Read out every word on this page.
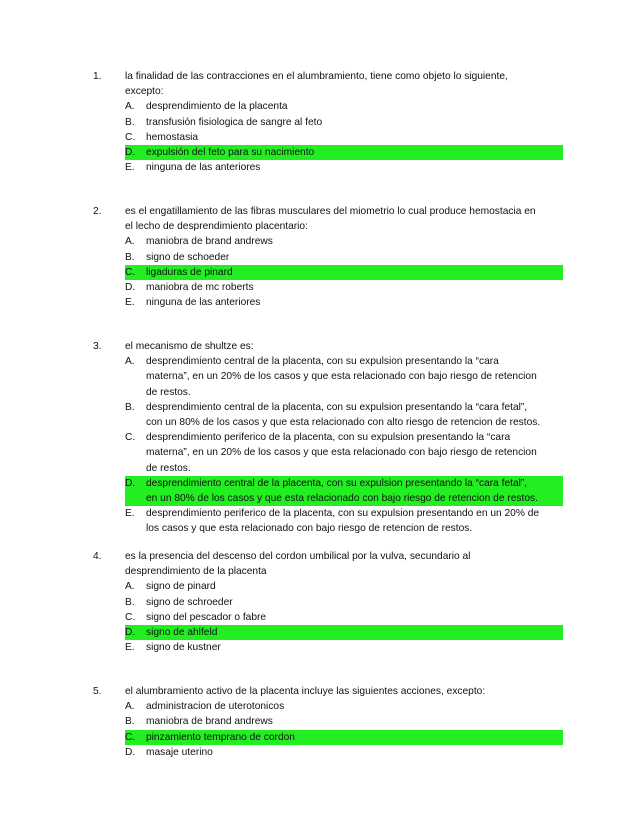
1.	la finalidad de las contracciones en el alumbramiento, tiene como objeto lo siguiente,
excepto:
A.	desprendimiento de la placenta
B.	transfusión fisiologica de sangre al feto
C.	hemostasia
D.	expulsión del feto para su nacimiento
E.	ninguna de las anteriores
2.	es el engatillamiento de las fibras musculares del miometrio lo cual produce hemostacia en
el lecho de desprendimiento placentario:
A.	maniobra de brand andrews
B.	signo de schoeder
C.	ligaduras de pinard
D.	maniobra de mc roberts
E.	ninguna de las anteriores
3.	el mecanismo de shultze es:
A.	desprendimiento central de la placenta, con su expulsion presentando la “cara
materna”, en un 20% de los casos y que esta relacionado con bajo riesgo de retencion
de restos.
B.	desprendimiento central de la placenta, con su expulsion presentando la “cara fetal”,
con un 80% de los casos y que esta relacionado con alto riesgo de retencion de restos.
C.	desprendimiento periferico de la placenta, con su expulsion presentando la “cara
materna”, en un 20% de los casos y que esta relacionado con bajo riesgo de retencion
de restos.
D.	desprendimiento central de la placenta, con su expulsion presentando la “cara fetal”,
en un 80% de los casos y que esta relacionado con bajo riesgo de retencion de restos.
E.	desprendimiento periferico de la placenta, con su expulsion presentando en un 20% de
los casos y que esta relacionado con bajo riesgo de retencion de restos.
4.	es la presencia del descenso del cordon umbilical por la vulva, secundario al
desprendimiento de la placenta
A.	signo de pinard
B.	signo de schroeder
C.	signo del pescador o fabre
D.	signo de ahlfeld
E.	signo de kustner
5.	el alumbramiento activo de la placenta incluye las siguientes acciones, excepto:
A.	administracion de uterotonicos
B.	maniobra de brand andrews
C.	pinzamiento temprano de cordon
D.	masaje uterino
